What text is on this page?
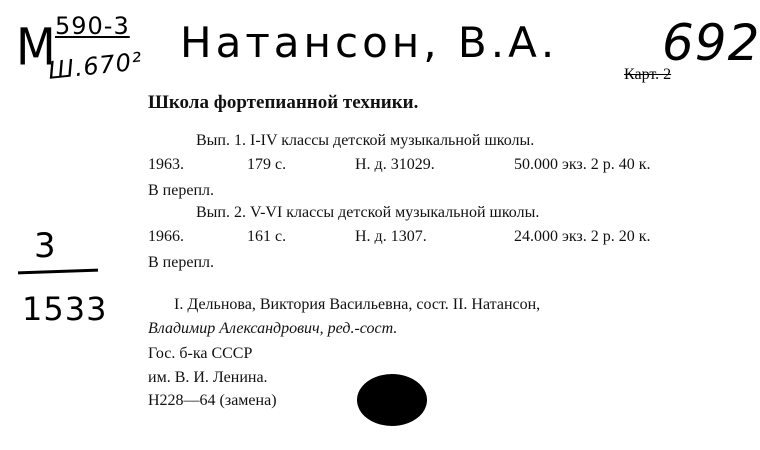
М
590-3
Ш.670² Натансон, В.А. 692
Карт. 2
Школа фортепианной техники.
Вып. 1. I-IV классы детской музыкальной школы.
1963.	179 с.	Н. д. 31029.	50.000 экз. 2 р. 40 к.
В перепл.
Вып. 2. V-VI классы детской музыкальной школы.
1966.	161 с.	Н. д. 1307.	24.000 экз. 2 р. 20 к.
В перепл.
3
1533	I. Дельнова, Виктория Васильевна, сост. II. Натансон,
Владимир Александрович, ред.-сост.
Гос. б-ка СССР
им. В. И. Ленина.
Н228—64 (замена)
